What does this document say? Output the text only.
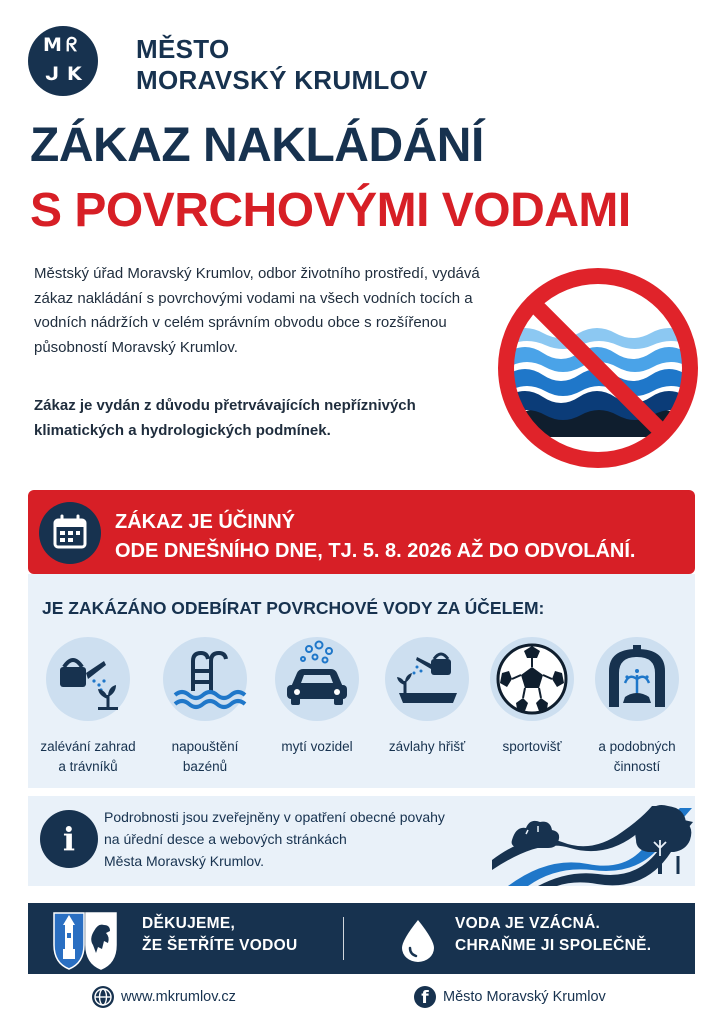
M ᖇ
ᒍ K
MĚSTO
MORAVSKÝ KRUMLOV
ZÁKAZ NAKLÁDÁNÍ
S POVRCHOVÝMI VODAMI

Městský úřad Moravský Krumlov, odbor životního prostředí, vydává zákaz nakládání s povrchovými vodami na všech vodních tocích a vodních nádržích v celém správním obvodu obce s rozšířenou působností Moravský Krumlov.

Zákaz je vydán z důvodu přetrvávajících nepříznivých klimatických a hydrologických podmínek.

ZÁKAZ JE ÚČINNÝ
ODE DNEŠNÍHO DNE, TJ. 5. 8. 2026 AŽ DO ODVOLÁNÍ.
JE ZAKÁZÁNO ODEBÍRAT POVRCHOVÉ VODY ZA ÚČELEM:
zalévání zahrad
a trávníků
napouštění
bazénů
mytí vozidel	závlahy hřišť	sportovišť	a podobných
činností
i
Podrobnosti jsou zveřejněny v opatření obecné povahy
na úřední desce a webových stránkách
Města Moravský Krumlov.
DĚKUJEME,
ŽE ŠETŘÍTE VODOU
VODA JE VZÁCNÁ.
CHRAŇME JI SPOLEČNĚ.
www.mkrumlov.cz	f Město Moravský Krumlov
